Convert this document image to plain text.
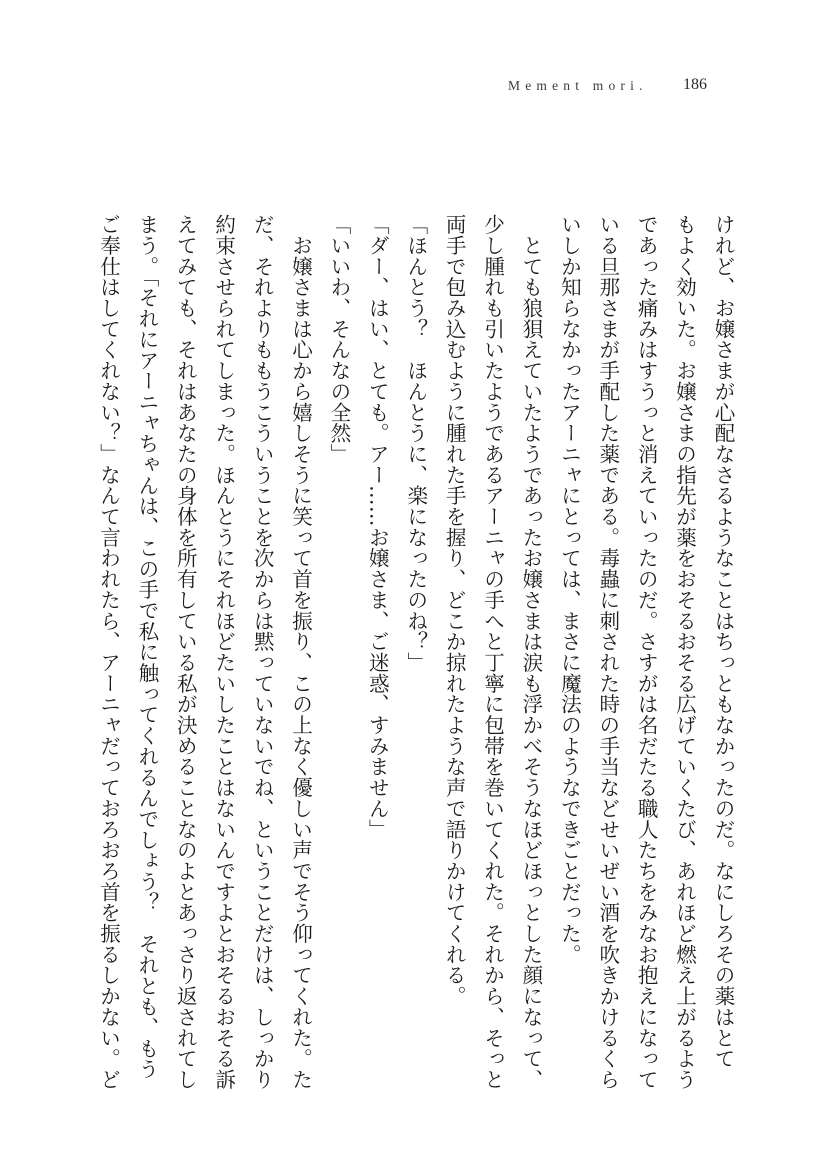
Mement mori. 186

けれど、お嬢さまが心配なさるようなことはちっともなかったのだ。なにしろその薬はとて

もよく効いた。お嬢さまの指先が薬をおそるおそる広げていくたび、あれほど燃え上がるよう

であった痛みはすうっと消えていったのだ。さすがは名だたる職人たちをみなお抱えになって

いる旦那さまが手配した薬である。毒蟲に刺された時の手当などせいぜい酒を吹きかけるくら

いしか知らなかったアーニャにとっては、まさに魔法のようなできごとだった。

　とても狼狽えていたようであったお嬢さまは涙も浮かべそうなほどほっとした顔になって、

少し腫れも引いたようであるアーニャの手へと丁寧に包帯を巻いてくれた。それから、そっと

両手で包み込むように腫れた手を握り、どこか掠れたような声で語りかけてくれる。

「ほんとう？　ほんとうに、楽になったのね？」

「ダー、はい、とても。アー……お嬢さま、ご迷惑、すみません」

「いいわ、そんなの全然」

　お嬢さまは心から嬉しそうに笑って首を振り、この上なく優しい声でそう仰ってくれた。た

だ、それよりももうこういうことを次からは黙っていないでね、ということだけは、しっかり

約束させられてしまった。ほんとうにそれほどたいしたことはないんですよとおそるおそる訴

えてみても、それはあなたの身体を所有している私が決めることなのよとあっさり返されてし

まう。「それにアーニャちゃんは、この手で私に触ってくれるんでしょう？　それとも、もう

ご奉仕はしてくれない？」なんて言われたら、アーニャだっておろおろ首を振るしかない。ど
